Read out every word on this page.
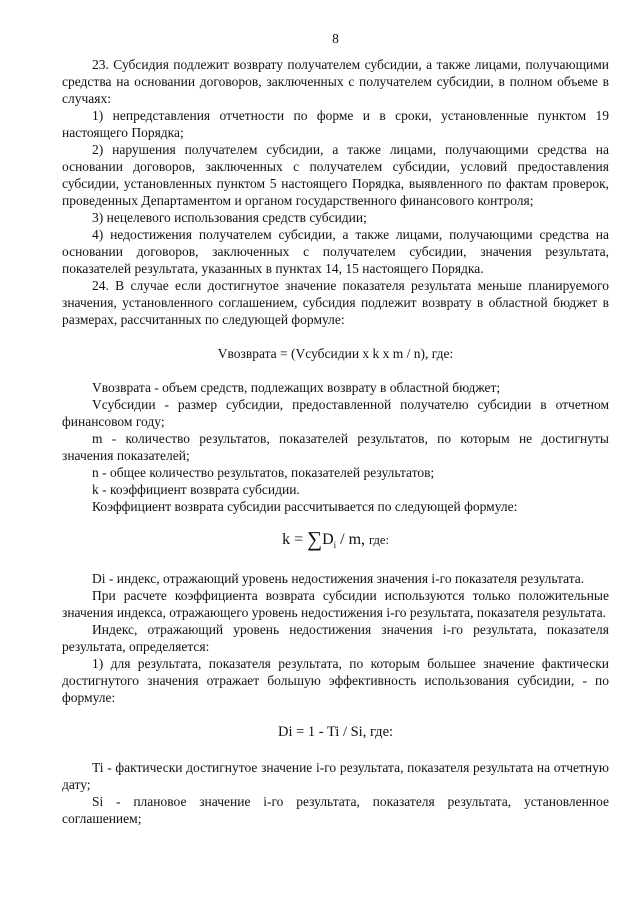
8

23. Субсидия подлежит возврату получателем субсидии, а также лицами, получающими средства на основании договоров, заключенных с получателем субсидии, в полном объеме в случаях:

1) непредставления отчетности по форме и в сроки, установленные пунктом 19 настоящего Порядка;

2) нарушения получателем субсидии, а также лицами, получающими средства на основании договоров, заключенных с получателем субсидии, условий предоставления субсидии, установленных пунктом 5 настоящего Порядка, выявленного по фактам проверок, проведенных Департаментом и органом государственного финансового контроля;

3) нецелевого использования средств субсидии;

4) недостижения получателем субсидии, а также лицами, получающими средства на основании договоров, заключенных с получателем субсидии, значения результата, показателей результата, указанных в пунктах 14, 15 настоящего Порядка.

24. В случае если достигнутое значение показателя результата меньше планируемого значения, установленного соглашением, субсидия подлежит возврату в областной бюджет в размерах, рассчитанных по следующей формуле:

Vвозврата = (Vсубсидии x k x m / n), где:

Vвозврата - объем средств, подлежащих возврату в областной бюджет;

Vсубсидии - размер субсидии, предоставленной получателю субсидии в отчетном финансовом году;

m - количество результатов, показателей результатов, по которым не достигнуты значения показателей;

n - общее количество результатов, показателей результатов;

k - коэффициент возврата субсидии.

Коэффициент возврата субсидии рассчитывается по следующей формуле:

$k = \sum D_i / m$, где:

Di - индекс, отражающий уровень недостижения значения i-го показателя результата.

При расчете коэффициента возврата субсидии используются только положительные значения индекса, отражающего уровень недостижения i-го результата, показателя результата.

Индекс, отражающий уровень недостижения значения i-го результата, показателя результата, определяется:

1) для результата, показателя результата, по которым большее значение фактически достигнутого значения отражает большую эффективность использования субсидии, - по формуле:

Di = 1 - Ti / Si, где:

Ti - фактически достигнутое значение i-го результата, показателя результата на отчетную дату;

Si - плановое значение i-го результата, показателя результата, установленное соглашением;
